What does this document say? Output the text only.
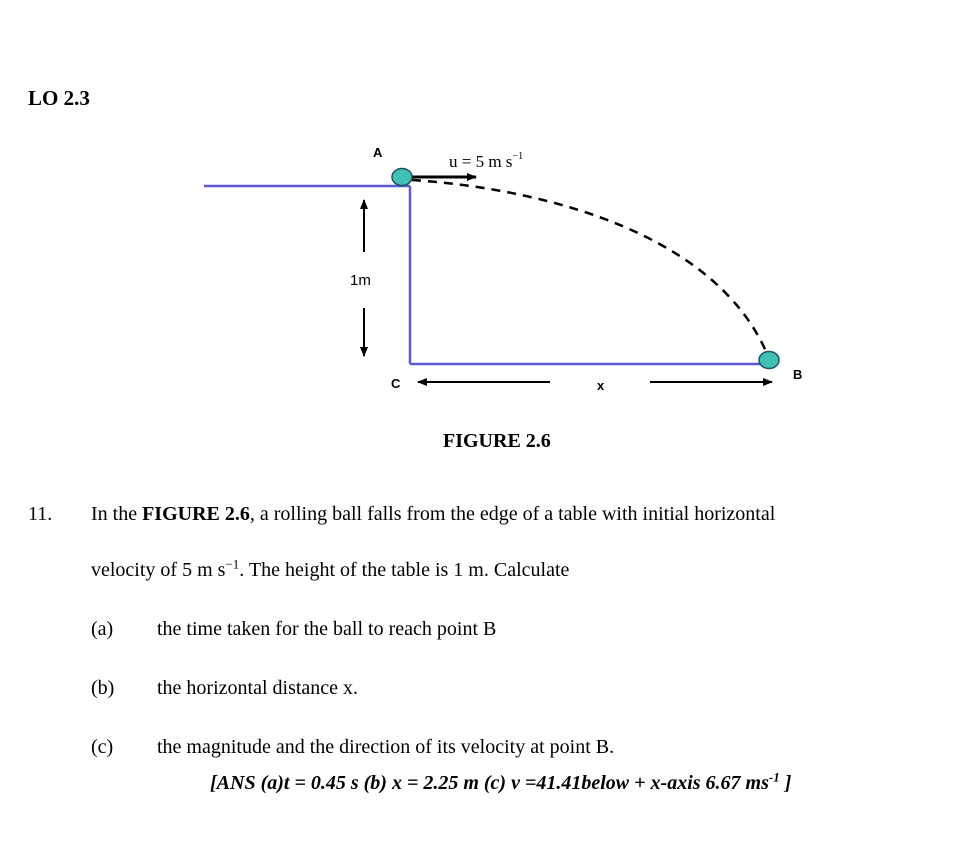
LO 2.3
A
B
C	x
1m
u = 5 m $s^{-1}$
FIGURE 2.6
11. In the FIGURE 2.6, a rolling ball falls from the edge of a table with initial horizontal
velocity of 5 m $s^{-1}$. The height of the table is 1 m. Calculate
(a) the time taken for the ball to reach point B
(b) the horizontal distance x.
(c) the magnitude and the direction of its velocity at point B.
[ANS (a)t = 0.45 s (b) x = 2.25 m (c) v =41.41below + x-axis 6.67 $ms^{-1}$ ]
